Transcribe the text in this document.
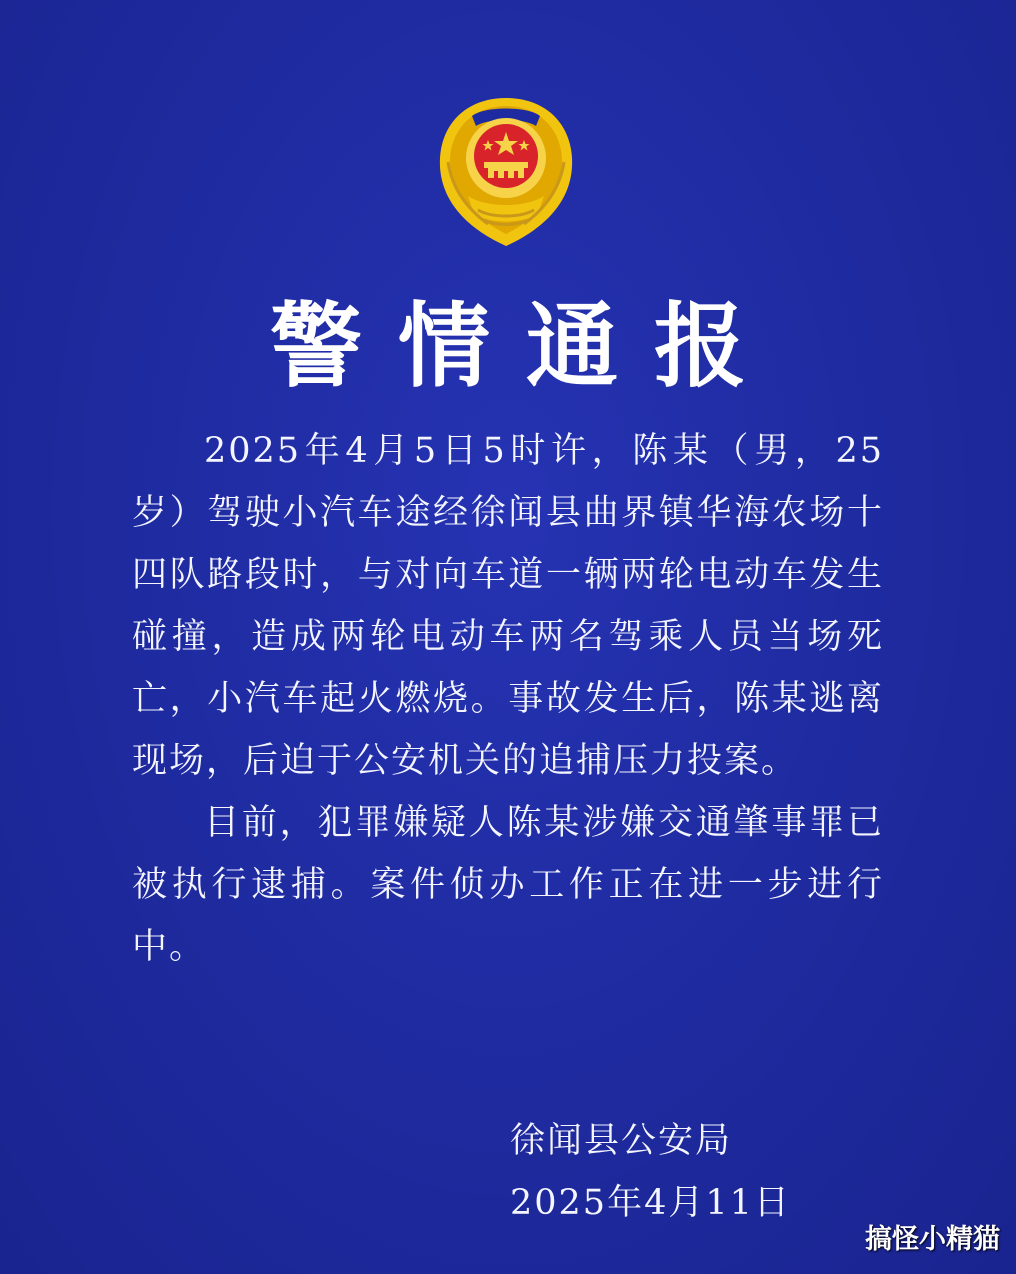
警情通报

2025年4月5日5时许，陈某（男，25岁）驾驶小汽车途经徐闻县曲界镇华海农场十四队路段时，与对向车道一辆两轮电动车发生碰撞，造成两轮电动车两名驾乘人员当场死亡，小汽车起火燃烧。事故发生后，陈某逃离现场，后迫于公安机关的追捕压力投案。

目前，犯罪嫌疑人陈某涉嫌交通肇事罪已被执行逮捕。案件侦办工作正在进一步进行中。

徐闻县公安局
2025年4月11日
搞怪小精猫
